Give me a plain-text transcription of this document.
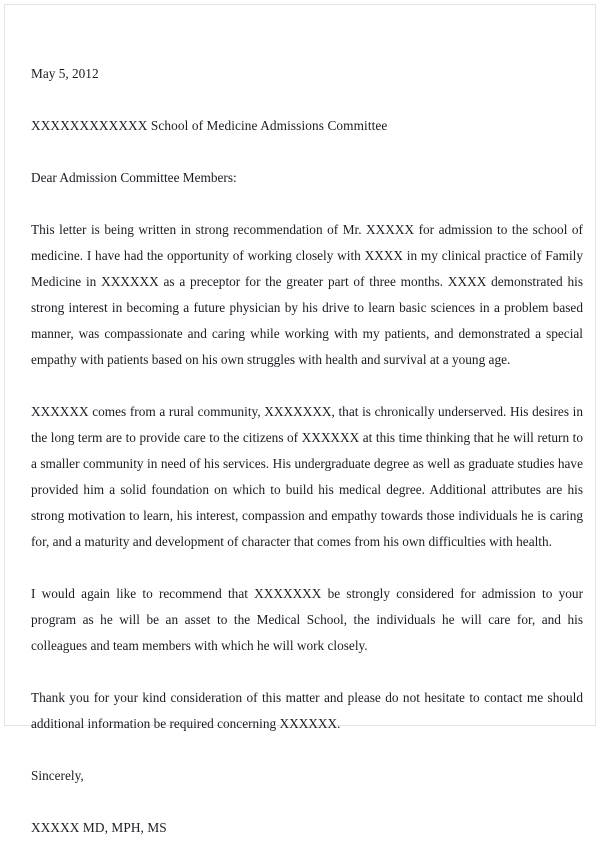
May 5, 2012

XXXXXXXXXXXX School of Medicine Admissions Committee

Dear Admission Committee Members:

This letter is being written in strong recommendation of Mr. XXXXX for admission to the school of medicine. I have had the opportunity of working closely with XXXX in my clinical practice of Family Medicine in XXXXXX as a preceptor for the greater part of three months. XXXX demonstrated his strong interest in becoming a future physician by his drive to learn basic sciences in a problem based manner, was compassionate and caring while working with my patients, and demonstrated a special empathy with patients based on his own struggles with health and survival at a young age.

XXXXXX comes from a rural community, XXXXXXX, that is chronically underserved. His desires in the long term are to provide care to the citizens of XXXXXX at this time thinking that he will return to a smaller community in need of his services. His undergraduate degree as well as graduate studies have provided him a solid foundation on which to build his medical degree. Additional attributes are his strong motivation to learn, his interest, compassion and empathy towards those individuals he is caring for, and a maturity and development of character that comes from his own difficulties with health.

I would again like to recommend that XXXXXXX be strongly considered for admission to your program as he will be an asset to the Medical School, the individuals he will care for, and his colleagues and team members with which he will work closely.

Thank you for your kind consideration of this matter and please do not hesitate to contact me should additional information be required concerning XXXXXX.

Sincerely,

XXXXX MD, MPH, MS
